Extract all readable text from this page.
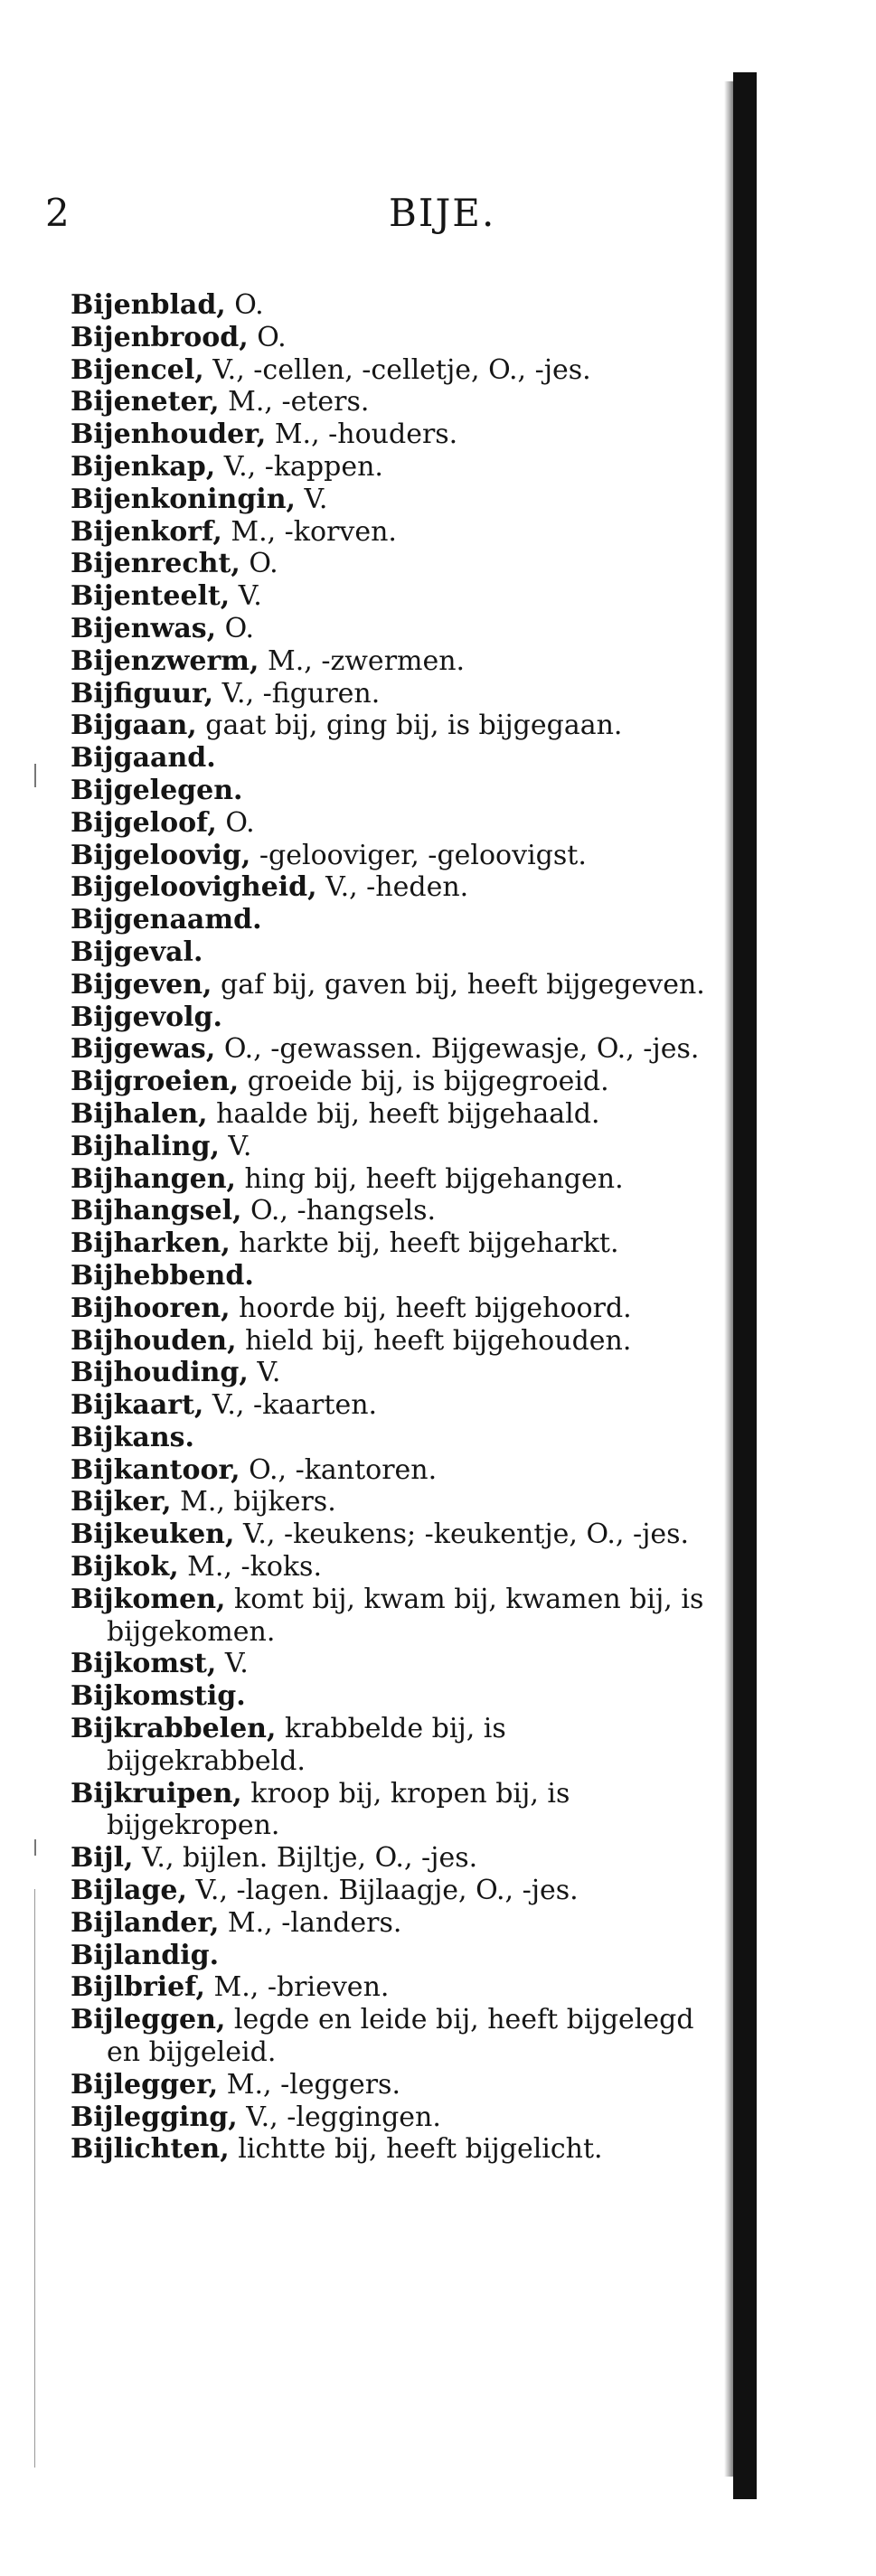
2	BIJE.

Bijenblad, O.

Bijenbrood, O.

Bijencel, V., -cellen, -celletje, O., -jes.

Bijeneter, M., -eters.

Bijenhouder, M., -houders.

Bijenkap, V., -kappen.

Bijenkoningin, V.

Bijenkorf, M., -korven.

Bijenrecht, O.

Bijenteelt, V.

Bijenwas, O.

Bijenzwerm, M., -zwermen.

Bijfiguur, V., -figuren.

Bijgaan, gaat bij, ging bij, is bijgegaan.

Bijgaand.

Bijgelegen.

Bijgeloof, O.

Bijgeloovig, -gelooviger, -geloovigst.

Bijgeloovigheid, V., -heden.

Bijgenaamd.

Bijgeval.

Bijgeven, gaf bij, gaven bij, heeft bijgegeven.

Bijgevolg.

Bijgewas, O., -gewassen. Bijgewasje, O., -jes.

Bijgroeien, groeide bij, is bijgegroeid.

Bijhalen, haalde bij, heeft bijgehaald.

Bijhaling, V.

Bijhangen, hing bij, heeft bijgehangen.

Bijhangsel, O., -hangsels.

Bijharken, harkte bij, heeft bijgeharkt.

Bijhebbend.

Bijhooren, hoorde bij, heeft bijgehoord.

Bijhouden, hield bij, heeft bijgehouden.

Bijhouding, V.

Bijkaart, V., -kaarten.

Bijkans.

Bijkantoor, O., -kantoren.

Bijker, M., bijkers.

Bijkeuken, V., -keukens; -keukentje, O., -jes.

Bijkok, M., -koks.

Bijkomen, komt bij, kwam bij, kwamen bij, is bijgekomen.

Bijkomst, V.

Bijkomstig.

Bijkrabbelen, krabbelde bij, is bijgekrabbeld.

Bijkruipen, kroop bij, kropen bij, is bijgekropen.

Bijl, V., bijlen. Bijltje, O., -jes.

Bijlage, V., -lagen. Bijlaagje, O., -jes.

Bijlander, M., -landers.

Bijlandig.

Bijlbrief, M., -brieven.

Bijleggen, legde en leide bij, heeft bijgelegd en bijgeleid.

Bijlegger, M., -leggers.

Bijlegging, V., -leggingen.

Bijlichten, lichtte bij, heeft bijgelicht.
